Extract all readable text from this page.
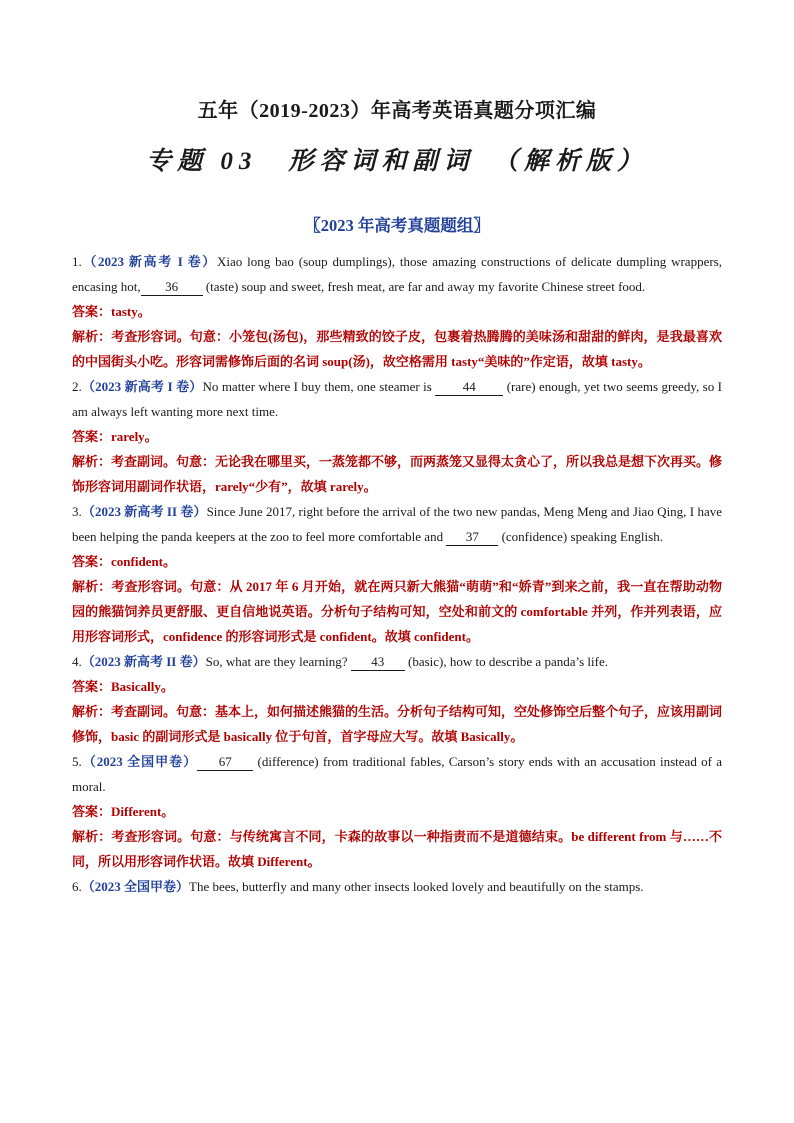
五年（2019-2023）年高考英语真题分项汇编
专题 03　形容词和副词　（解析版）
〖2023 年高考真题题组〗

1.（2023 新高考 I 卷）Xiao long bao (soup dumplings), those amazing constructions of delicate dumpling wrappers, encasing hot, 36 (taste) soup and sweet, fresh meat, are far and away my favorite Chinese street food.

答案：tasty。

解析：考查形容词。句意：小笼包(汤包)，那些精致的饺子皮，包裹着热腾腾的美味汤和甜甜的鲜肉，是我最喜欢的中国街头小吃。形容词需修饰后面的名词 soup(汤)，故空格需用 tasty“美味的”作定语，故填 tasty。

2.（2023 新高考 I 卷）No matter where I buy them, one steamer is 44 (rare) enough, yet two seems greedy, so I am always left wanting more next time.

答案：rarely。

解析：考查副词。句意：无论我在哪里买，一蒸笼都不够，而两蒸笼又显得太贪心了，所以我总是想下次再买。修饰形容词用副词作状语，rarely“少有”，故填 rarely。

3.（2023 新高考 II 卷）Since June 2017, right before the arrival of the two new pandas, Meng Meng and Jiao Qing, I have been helping the panda keepers at the zoo to feel more comfortable and 37 (confidence) speaking English.

答案：confident。

解析：考查形容词。句意：从 2017 年 6 月开始，就在两只新大熊猫“萌萌”和“娇青”到来之前，我一直在帮助动物园的熊猫饲养员更舒服、更自信地说英语。分析句子结构可知，空处和前文的 comfortable 并列，作并列表语，应用形容词形式，confidence 的形容词形式是 confident。故填 confident。

4.（2023 新高考 II 卷）So, what are they learning? 43 (basic), how to describe a panda’s life.

答案：Basically。

解析：考查副词。句意：基本上，如何描述熊猫的生活。分析句子结构可知，空处修饰空后整个句子，应该用副词修饰，basic 的副词形式是 basically 位于句首，首字母应大写。故填 Basically。

5.（2023 全国甲卷） 67 (difference) from traditional fables, Carson’s story ends with an accusation instead of a moral.

答案：Different。

解析：考查形容词。句意：与传统寓言不同，卡森的故事以一种指责而不是道德结束。be different from 与……不同，所以用形容词作状语。故填 Different。

6.（2023 全国甲卷）The bees, butterfly and many other insects looked lovely and beautifully on the stamps.
